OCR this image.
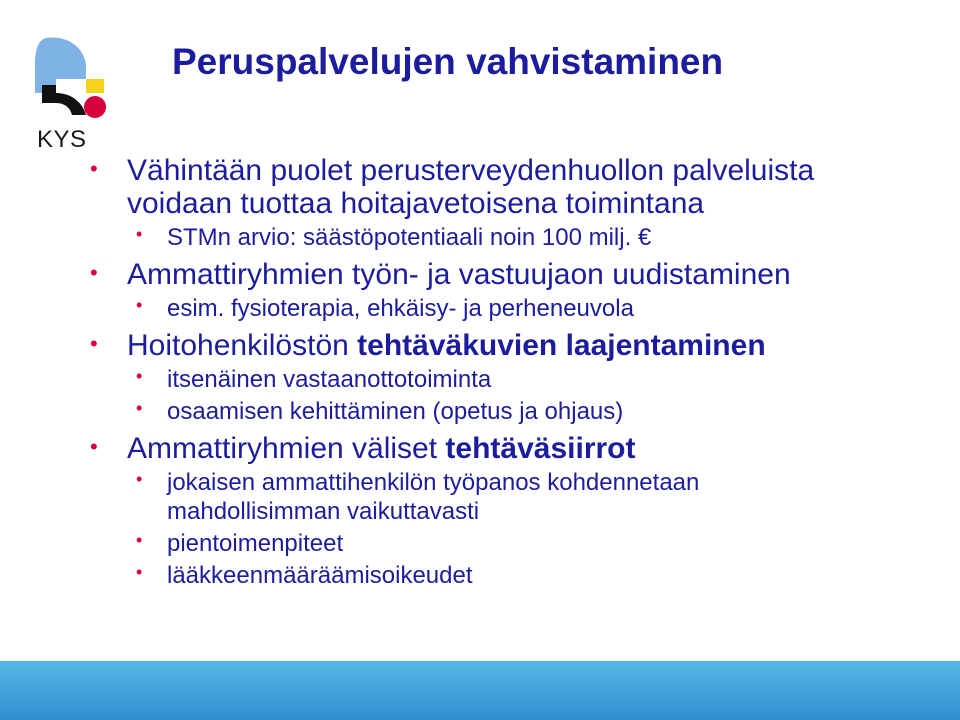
KYS
Peruspalvelujen vahvistaminen
• Vähintään puolet perusterveydenhuollon palveluista
voidaan tuottaa hoitajavetoisena toimintana
• STMn arvio: säästöpotentiaali noin 100 milj. €
• Ammattiryhmien työn- ja vastuujaon uudistaminen
• esim. fysioterapia, ehkäisy- ja perheneuvola
• Hoitohenkilöstön tehtäväkuvien laajentaminen
• itsenäinen vastaanottotoiminta
• osaamisen kehittäminen (opetus ja ohjaus)
• Ammattiryhmien väliset tehtäväsiirrot
• jokaisen ammattihenkilön työpanos kohdennetaan
mahdollisimman vaikuttavasti
• pientoimenpiteet
• lääkkeenmääräämisoikeudet
